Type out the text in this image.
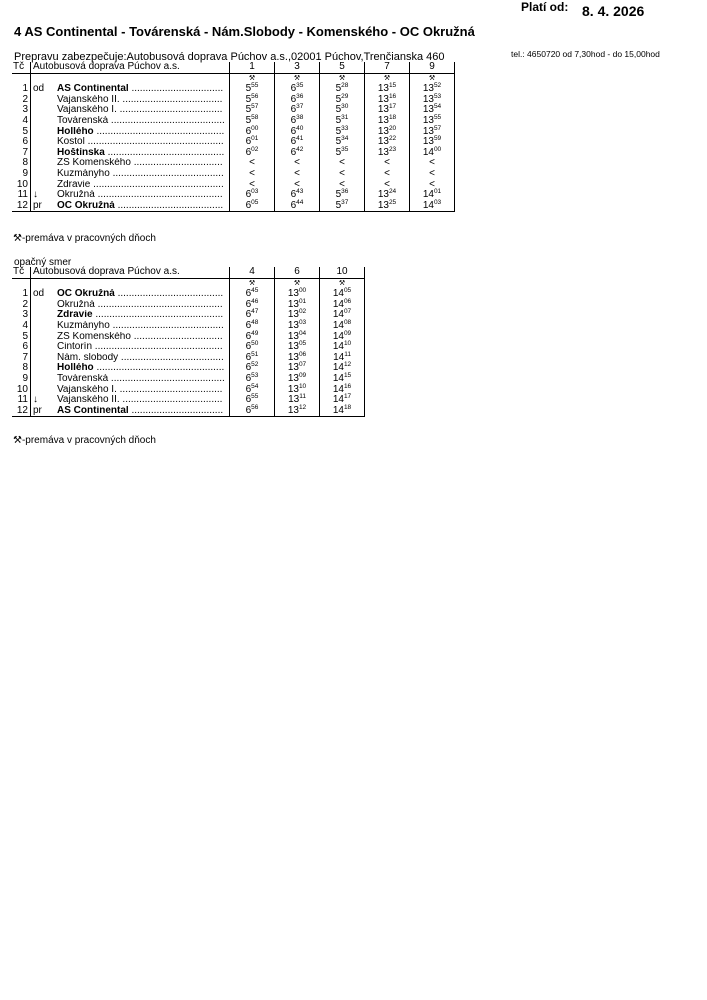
4 AS Continental - Továrenská - Nám.Slobody - Komenského - OC Okružná
Platí od: 8. 4. 2026
Prepravu zabezpečuje:Autobusová doprava Púchov a.s.,02001 Púchov,Trenčianska 460	tel.: 4650720 od 7,30hod - do 15,00hod
Tč	Autobusová doprava Púchov a.s.		1	3	5	7	9
			⚒	⚒	⚒	⚒	⚒
1	od	AS Continental .................................	$5^{55}$	$6^{35}$	$5^{28}$	$13^{15}$	$13^{52}$
2		Vajanského II. ....................................	$5^{56}$	$6^{36}$	$5^{29}$	$13^{16}$	$13^{53}$
3		Vajanského I. .....................................	$5^{57}$	$6^{37}$	$5^{30}$	$13^{17}$	$13^{54}$
4		Továrenská .........................................	$5^{58}$	$6^{38}$	$5^{31}$	$13^{18}$	$13^{55}$
5		Hollého ..............................................	$6^{00}$	$6^{40}$	$5^{33}$	$13^{20}$	$13^{57}$
6		Kostol .................................................	$6^{01}$	$6^{41}$	$5^{34}$	$13^{22}$	$13^{59}$
7		Hoštínska ..........................................	$6^{02}$	$6^{42}$	$5^{35}$	$13^{23}$	$14^{00}$
8		ZŠ Komenského ................................	<	<	<	<	<
9		Kuzmányho ........................................	<	<	<	<	<
10		Zdravie ...............................................	<	<	<	<	<
11	↓	Okružná .............................................	$6^{03}$	$6^{43}$	$5^{36}$	$13^{24}$	$14^{01}$
12	pr	OC Okružná ......................................	$6^{05}$	$6^{44}$	$5^{37}$	$13^{25}$	$14^{03}$
⚒-premáva v pracovných dňoch
opačný smer
Tč	Autobusová doprava Púchov a.s.		4	6	10
			⚒	⚒	⚒
1	od	OC Okružná ......................................	$6^{45}$	$13^{00}$	$14^{05}$
2		Okružná .............................................	$6^{46}$	$13^{01}$	$14^{06}$
3		Zdravie ..............................................	$6^{47}$	$13^{02}$	$14^{07}$
4		Kuzmányho ........................................	$6^{48}$	$13^{03}$	$14^{08}$
5		ZŠ Komenského ................................	$6^{49}$	$13^{04}$	$14^{09}$
6		Cintorín ..............................................	$6^{50}$	$13^{05}$	$14^{10}$
7		Nám. slobody .....................................	$6^{51}$	$13^{06}$	$14^{11}$
8		Hollého ..............................................	$6^{52}$	$13^{07}$	$14^{12}$
9		Továrenská .........................................	$6^{53}$	$13^{09}$	$14^{15}$
10		Vajanského I. .....................................	$6^{54}$	$13^{10}$	$14^{16}$
11	↓	Vajanského II. ....................................	$6^{55}$	$13^{11}$	$14^{17}$
12	pr	AS Continental .................................	$6^{56}$	$13^{12}$	$14^{18}$
⚒-premáva v pracovných dňoch
